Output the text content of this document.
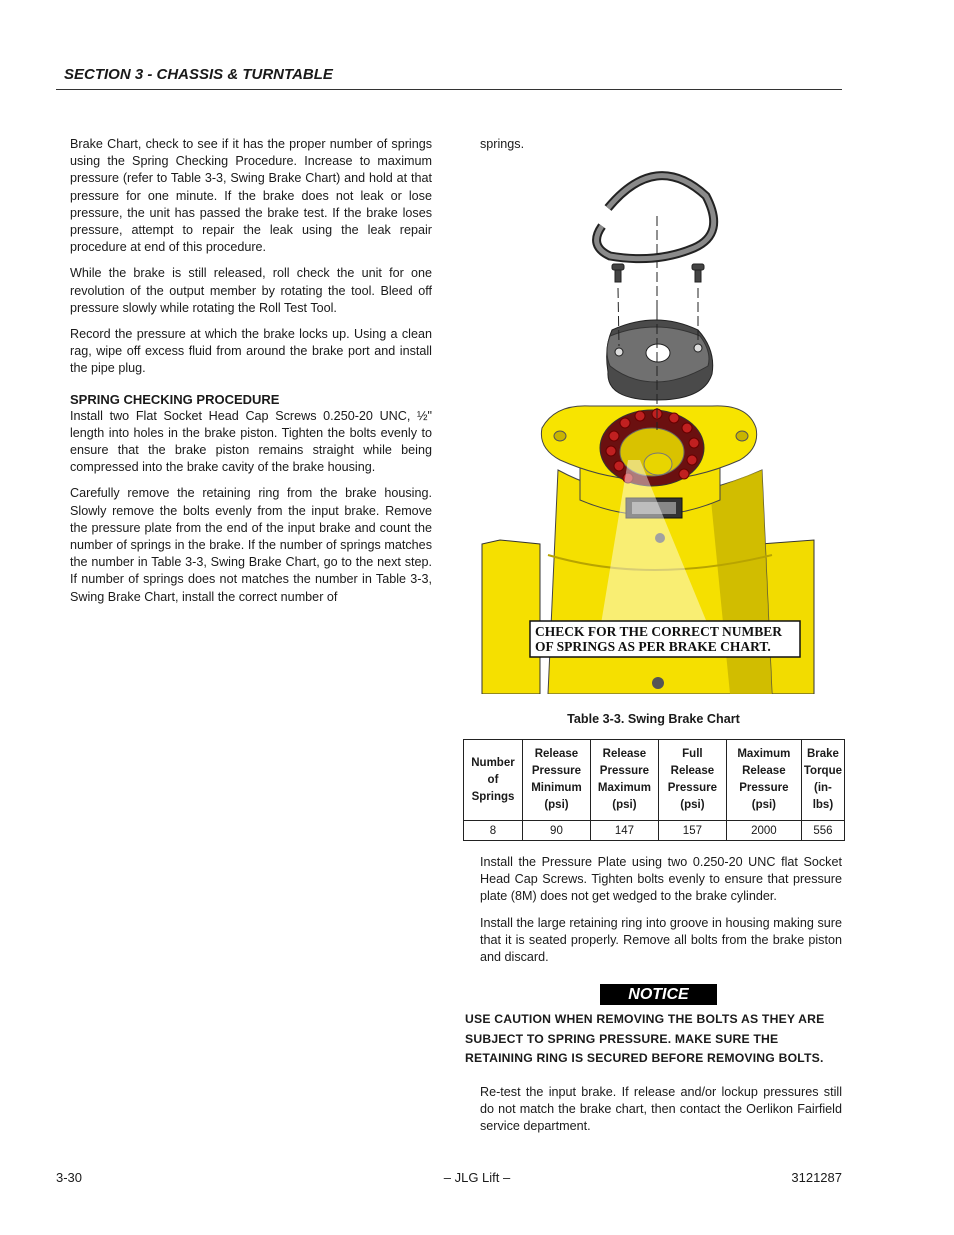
SECTION 3 - CHASSIS & TURNTABLE

Brake Chart, check to see if it has the proper number of springs using the Spring Checking Procedure. Increase to maximum pressure (refer to Table 3-3, Swing Brake Chart) and hold at that pressure for one minute. If the brake does not leak or lose pressure, the unit has passed the brake test. If the brake loses pressure, attempt to repair the leak using the leak repair procedure at end of this procedure.

While the brake is still released, roll check the unit for one revolution of the output member by rotating the tool. Bleed off pressure slowly while rotating the Roll Test Tool.

Record the pressure at which the brake locks up. Using a clean rag, wipe off excess fluid from around the brake port and install the pipe plug.

SPRING CHECKING PROCEDURE

Install two Flat Socket Head Cap Screws 0.250-20 UNC, ½" length into holes in the brake piston. Tighten the bolts evenly to ensure that the brake piston remains straight while being compressed into the brake cavity of the brake housing.

Carefully remove the retaining ring from the brake housing. Slowly remove the bolts evenly from the input brake. Remove the pressure plate from the end of the input brake and count the number of springs in the brake. If the number of springs matches the number in Table 3-3, Swing Brake Chart, go to the next step. If number of springs does not matches the number in Table 3-3, Swing Brake Chart, install the correct number of

springs.
CHECK FOR THE CORRECT NUMBER
OF SPRINGS AS PER BRAKE CHART.
Table 3-3. Swing Brake Chart
Number
of
Springs	Release
Pressure
Minimum
(psi)	Release
Pressure
Maximum
(psi)	Full
Release
Pressure
(psi)	Maximum
Release
Pressure
(psi)	Brake
Torque
(in-lbs)
8	90	147	157	2000	556

Install the Pressure Plate using two 0.250-20 UNC flat Socket Head Cap Screws. Tighten bolts evenly to ensure that pressure plate (8M) does not get wedged to the brake cylinder.

Install the large retaining ring into groove in housing making sure that it is seated properly. Remove all bolts from the brake piston and discard.

NOTICE
USE CAUTION WHEN REMOVING THE BOLTS AS THEY ARE SUBJECT TO SPRING PRESSURE. MAKE SURE THE RETAINING RING IS SECURED BEFORE REMOVING BOLTS.
Re-test the input brake. If release and/or lockup pressures still do not match the brake chart, then contact the Oerlikon Fairfield service department.
3-30	– JLG Lift –	3121287
